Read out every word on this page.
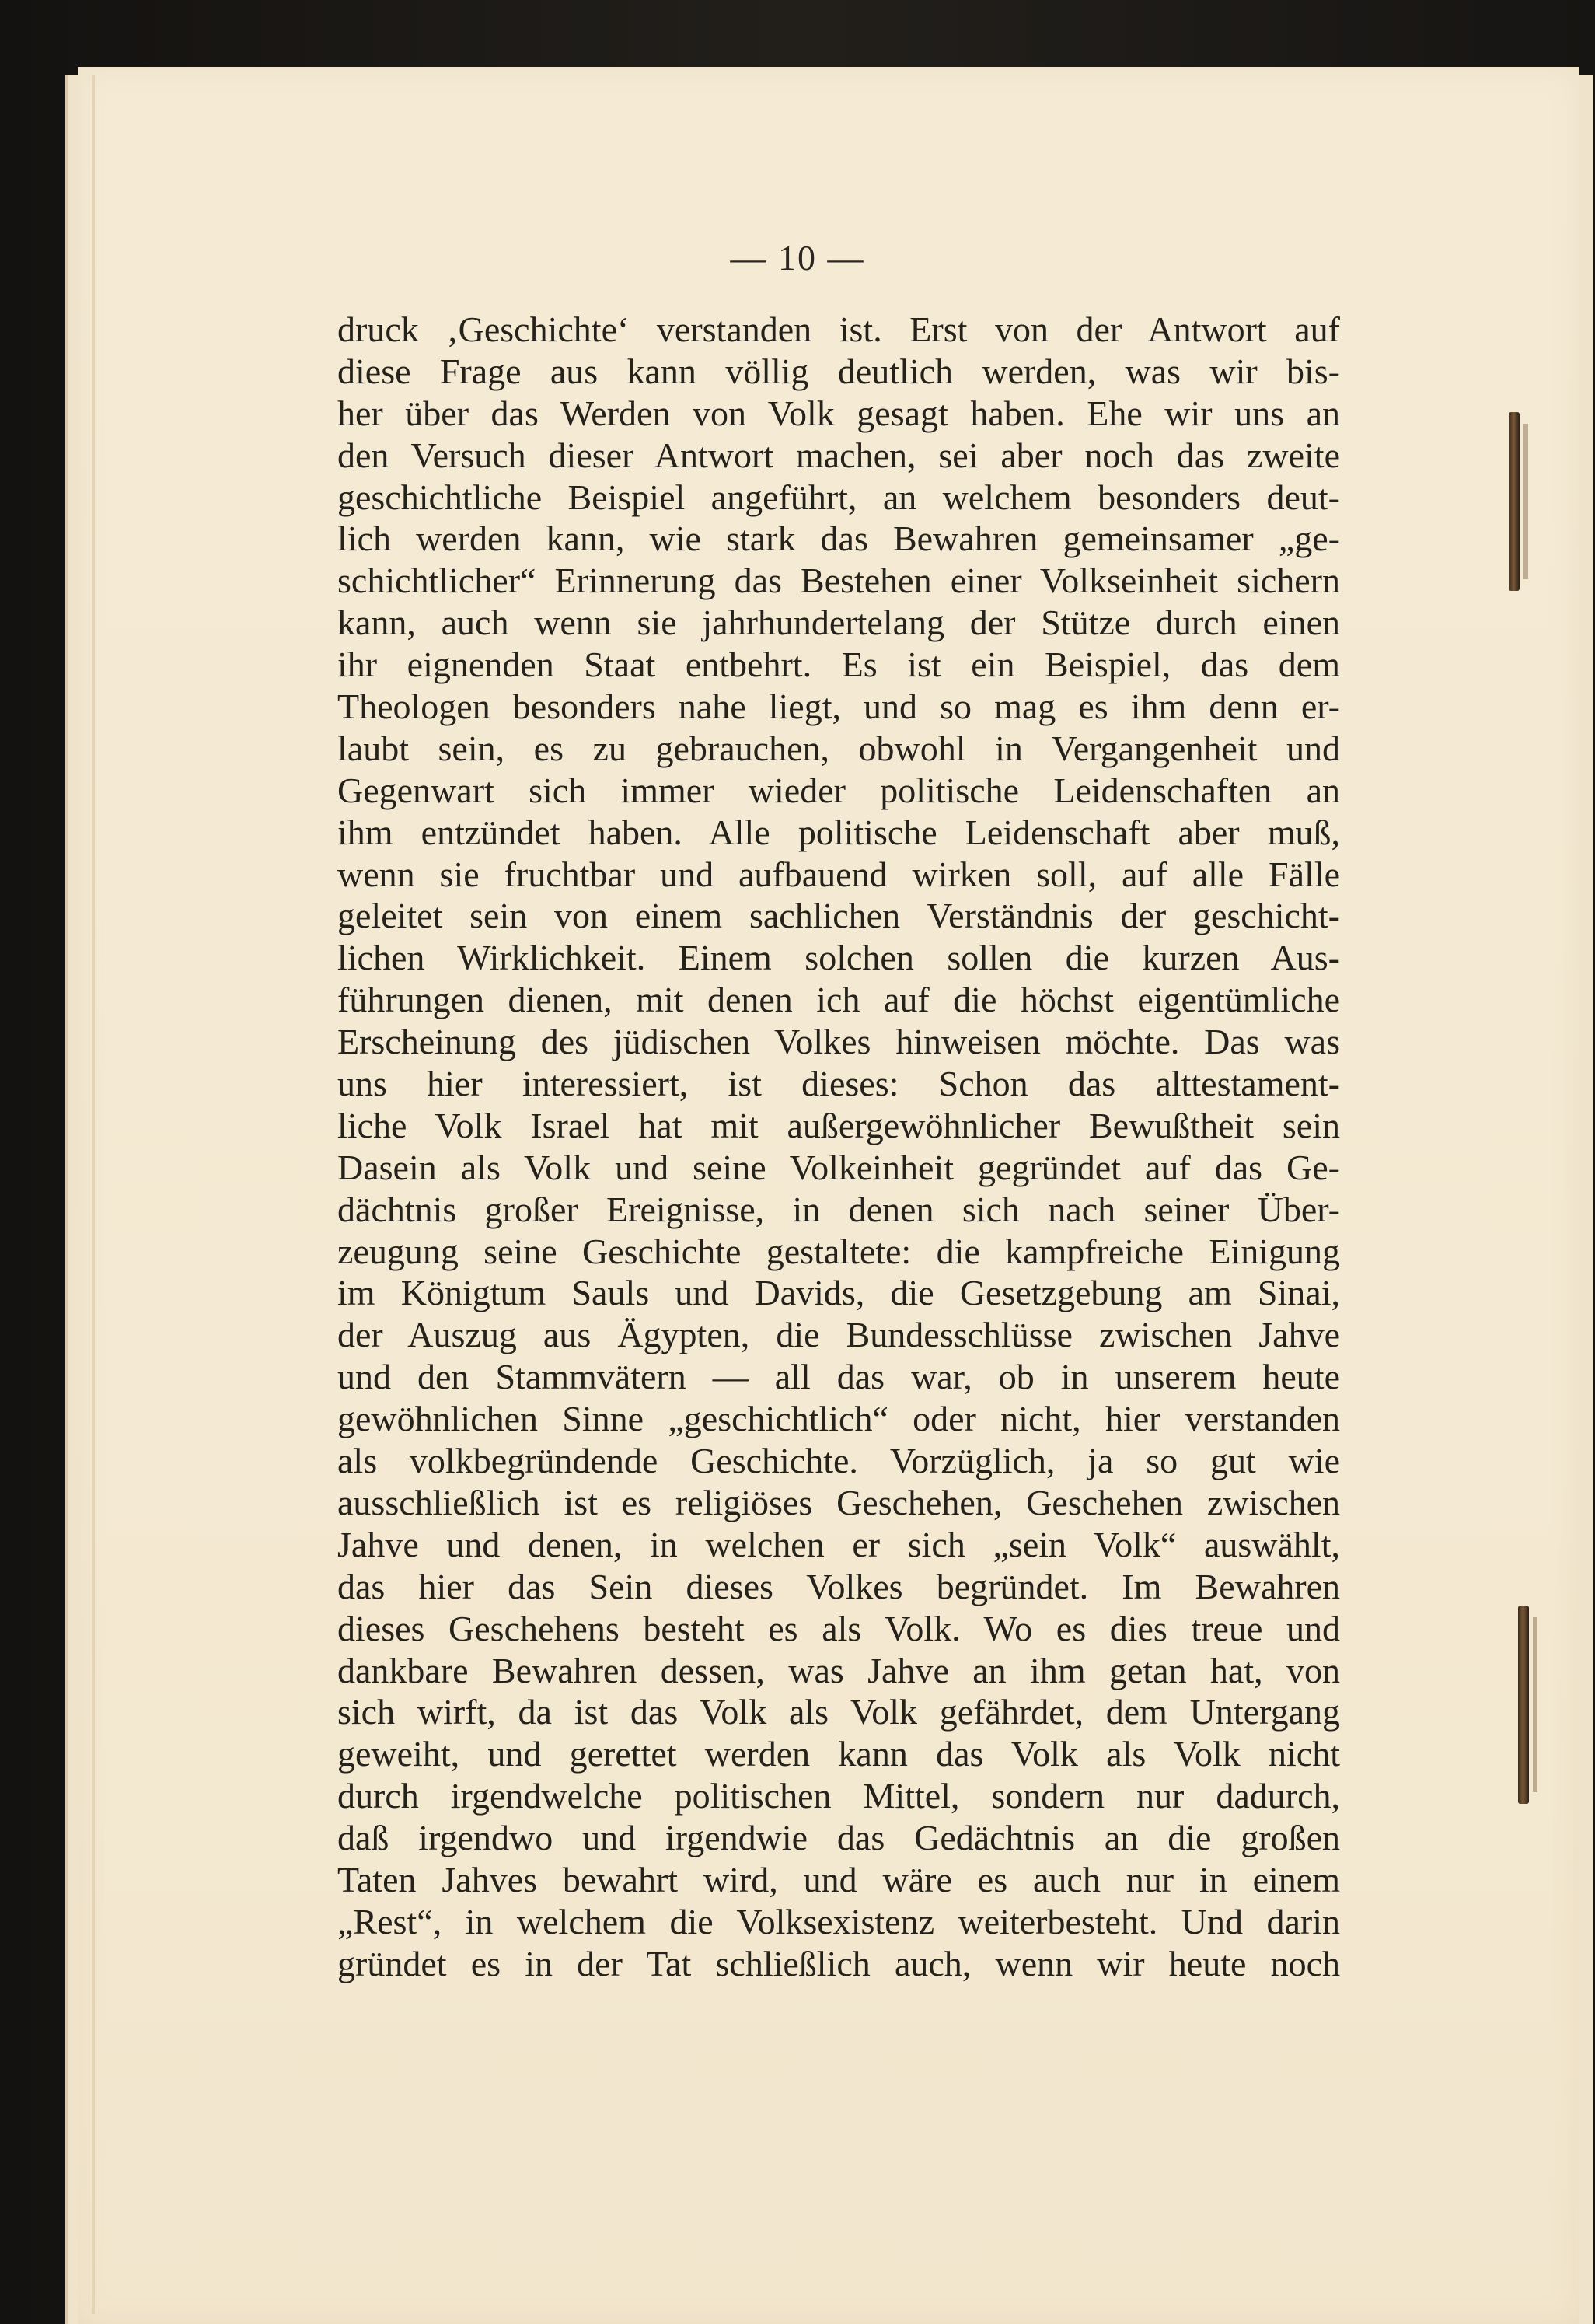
— 10 —
druck ‚Geschichte‘ verstanden ist. Erst von der Antwort auf
diese Frage aus kann völlig deutlich werden, was wir bis-
her über das Werden von Volk gesagt haben. Ehe wir uns an
den Versuch dieser Antwort machen, sei aber noch das zweite
geschichtliche Beispiel angeführt, an welchem besonders deut-
lich werden kann, wie stark das Bewahren gemeinsamer „ge-
schichtlicher“ Erinnerung das Bestehen einer Volkseinheit sichern
kann, auch wenn sie jahrhundertelang der Stütze durch einen
ihr eignenden Staat entbehrt. Es ist ein Beispiel, das dem
Theologen besonders nahe liegt, und so mag es ihm denn er-
laubt sein, es zu gebrauchen, obwohl in Vergangenheit und
Gegenwart sich immer wieder politische Leidenschaften an
ihm entzündet haben. Alle politische Leidenschaft aber muß,
wenn sie fruchtbar und aufbauend wirken soll, auf alle Fälle
geleitet sein von einem sachlichen Verständnis der geschicht-
lichen Wirklichkeit. Einem solchen sollen die kurzen Aus-
führungen dienen, mit denen ich auf die höchst eigentümliche
Erscheinung des jüdischen Volkes hinweisen möchte. Das was
uns hier interessiert, ist dieses: Schon das alttestament-
liche Volk Israel hat mit außergewöhnlicher Bewußtheit sein
Dasein als Volk und seine Volkeinheit gegründet auf das Ge-
dächtnis großer Ereignisse, in denen sich nach seiner Über-
zeugung seine Geschichte gestaltete: die kampfreiche Einigung
im Königtum Sauls und Davids, die Gesetzgebung am Sinai,
der Auszug aus Ägypten, die Bundesschlüsse zwischen Jahve
und den Stammvätern — all das war, ob in unserem heute
gewöhnlichen Sinne „geschichtlich“ oder nicht, hier verstanden
als volkbegründende Geschichte. Vorzüglich, ja so gut wie
ausschließlich ist es religiöses Geschehen, Geschehen zwischen
Jahve und denen, in welchen er sich „sein Volk“ auswählt,
das hier das Sein dieses Volkes begründet. Im Bewahren
dieses Geschehens besteht es als Volk. Wo es dies treue und
dankbare Bewahren dessen, was Jahve an ihm getan hat, von
sich wirft, da ist das Volk als Volk gefährdet, dem Untergang
geweiht, und gerettet werden kann das Volk als Volk nicht
durch irgendwelche politischen Mittel, sondern nur dadurch,
daß irgendwo und irgendwie das Gedächtnis an die großen
Taten Jahves bewahrt wird, und wäre es auch nur in einem
„Rest“, in welchem die Volksexistenz weiterbesteht. Und darin
gründet es in der Tat schließlich auch, wenn wir heute noch
